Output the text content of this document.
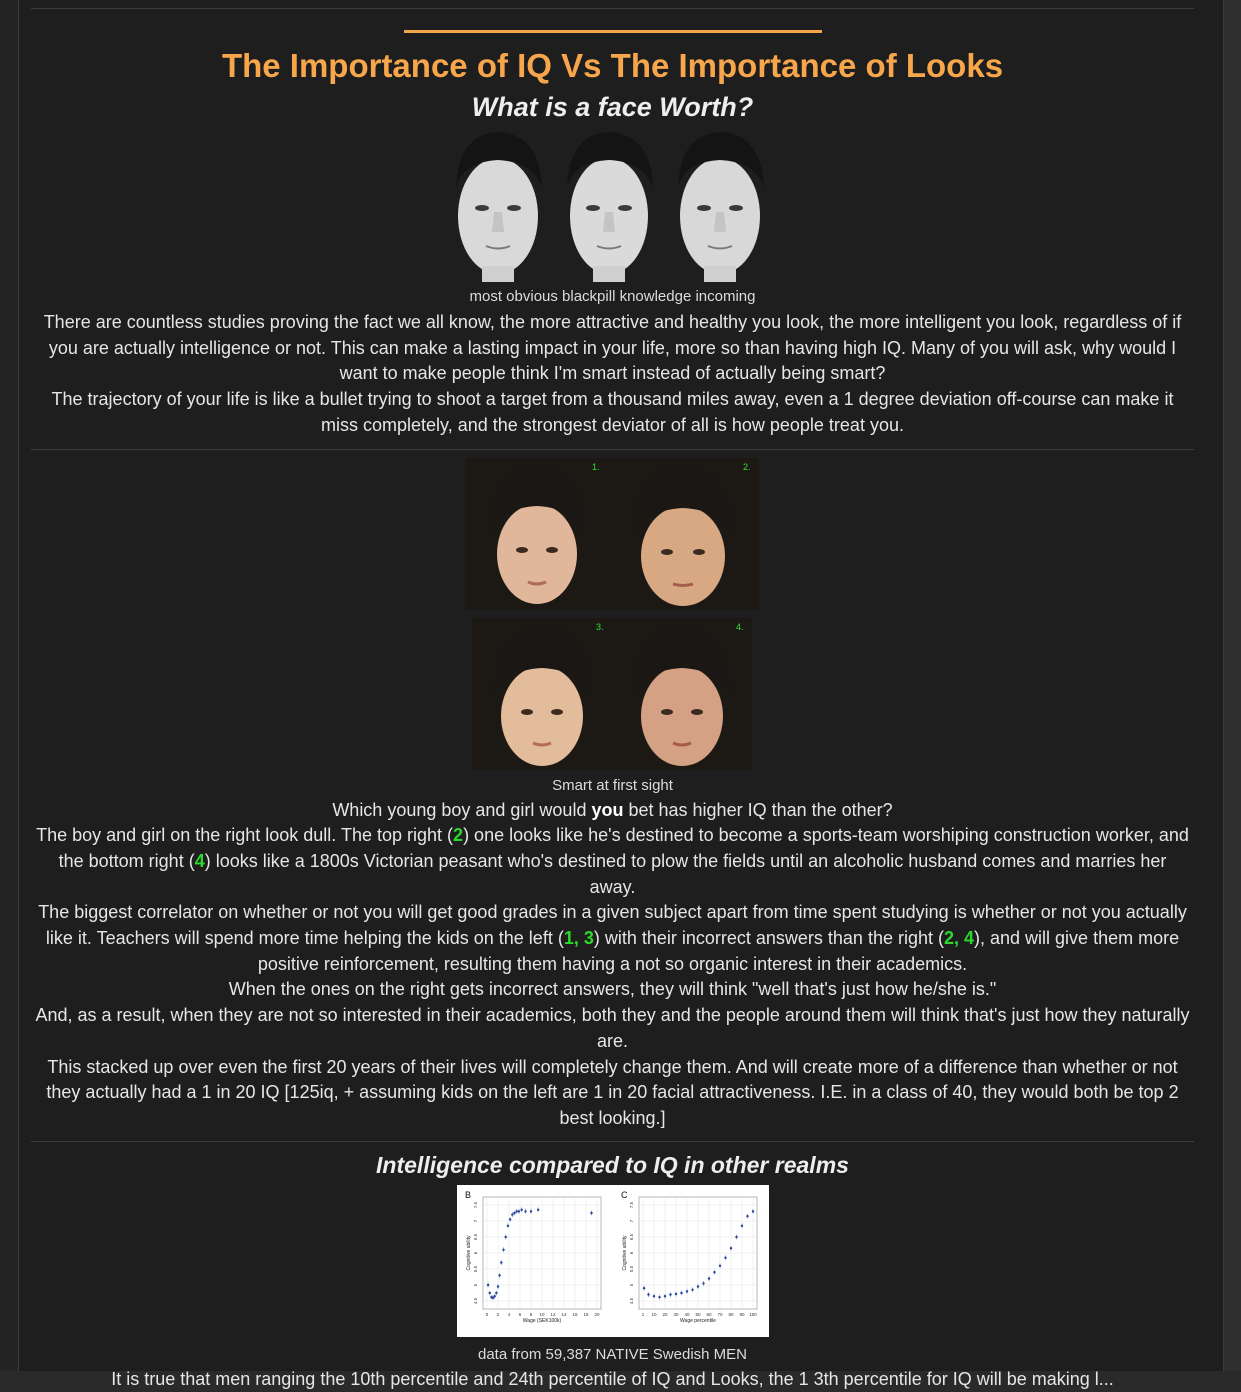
The Importance of IQ Vs The Importance of Looks
What is a face Worth?
most obvious blackpill knowledge incoming
There are countless studies proving the fact we all know, the more attractive and healthy you look, the more intelligent you look, regardless of if you are actually intelligence or not. This can make a lasting impact in your life, more so than having high IQ. Many of you will ask, why would I want to make people think I'm smart instead of actually being smart?
The trajectory of your life is like a bullet trying to shoot a target from a thousand miles away, even a 1 degree deviation off-course can make it miss completely, and the strongest deviator of all is how people treat you.
1.	2.
3.	4.
Smart at first sight
Which young boy and girl would you bet has higher IQ than the other?
The boy and girl on the right look dull. The top right (2) one looks like he's destined to become a sports-team worshiping construction worker, and the bottom right (4) looks like a 1800s Victorian peasant who's destined to plow the fields until an alcoholic husband comes and marries her away.
The biggest correlator on whether or not you will get good grades in a given subject apart from time spent studying is whether or not you actually like it. Teachers will spend more time helping the kids on the left (1, 3) with their incorrect answers than the right (2, 4), and will give them more positive reinforcement, resulting them having a not so organic interest in their academics.
When the ones on the right gets incorrect answers, they will think "well that's just how he/she is."
And, as a result, when they are not so interested in their academics, both they and the people around them will think that's just how they naturally are.
This stacked up over even the first 20 years of their lives will completely change them. And will create more of a difference than whether or not they actually had a 1 in 20 IQ [125iq, + assuming kids on the left are 1 in 20 facial attractiveness. I.E. in a class of 40, they would both be top 2 best looking.]
Intelligence compared to IQ in other realms
B
0 2 4 6 8 10 12 14 16 18 20
4.5
5
5.5
6
6.5
7
7.5
Wage (SEK100k)
Cognitive ability
C
1 10 20 30 40 50 60 70 80 90 100
4.5
5
5.5
6
6.5
7
7.5
Wage percentile
Cognitive ability
data from 59,387 NATIVE Swedish MEN
It is true that men ranging the 10th percentile and 24th percentile of IQ and Looks, the 1 3th percentile for IQ will be making l...
